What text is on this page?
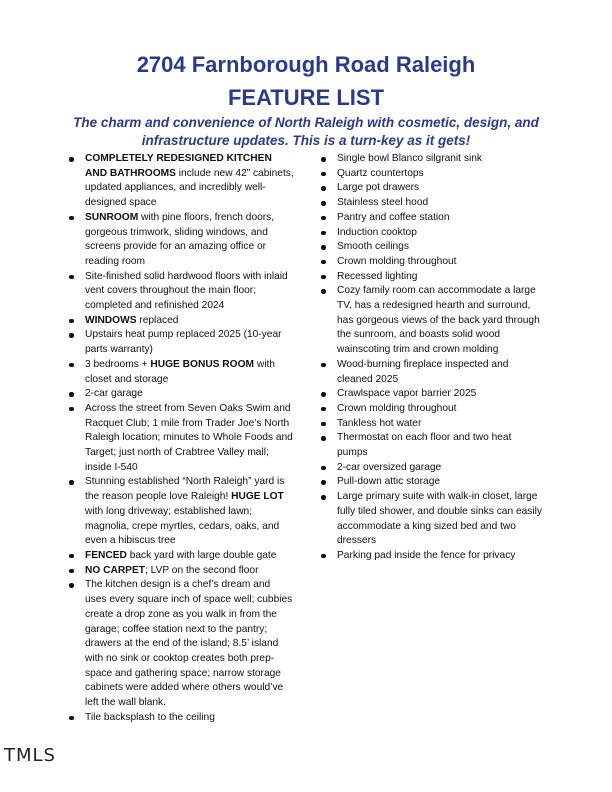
2704 Farnborough Road Raleigh
FEATURE LIST

The charm and convenience of North Raleigh with cosmetic, design, and infrastructure updates. This is a turn-key as it gets!

COMPLETELY REDESIGNED KITCHEN AND BATHROOMS include new 42” cabinets, updated appliances, and incredibly well-designed space
SUNROOM with pine floors, french doors, gorgeous trimwork, sliding windows, and screens provide for an amazing office or reading room
Site-finished solid hardwood floors with inlaid vent covers throughout the main floor; completed and refinished 2024
WINDOWS replaced
Upstairs heat pump replaced 2025 (10-year parts warranty)
3 bedrooms + HUGE BONUS ROOM with closet and storage
2-car garage
Across the street from Seven Oaks Swim and Racquet Club; 1 mile from Trader Joe’s North Raleigh location; minutes to Whole Foods and Target; just north of Crabtree Valley mall; inside I-540
Stunning established “North Raleigh” yard is the reason people love Raleigh! HUGE LOT with long driveway; established lawn; magnolia, crepe myrtles, cedars, oaks, and even a hibiscus tree
FENCED back yard with large double gate
NO CARPET; LVP on the second floor
The kitchen design is a chef’s dream and uses every square inch of space well; cubbies create a drop zone as you walk in from the garage; coffee station next to the pantry; drawers at the end of the island; 8.5’ island with no sink or cooktop creates both prep-space and gathering space; narrow storage cabinets were added where others would’ve left the wall blank.
Tile backsplash to the ceiling
Single bowl Blanco silgranit sink
Quartz countertops
Large pot drawers
Stainless steel hood
Pantry and coffee station
Induction cooktop
Smooth ceilings
Crown molding throughout
Recessed lighting
Cozy family room can accommodate a large TV, has a redesigned hearth and surround, has gorgeous views of the back yard through the sunroom, and boasts solid wood wainscoting trim and crown molding
Wood-burning fireplace inspected and cleaned 2025
Crawlspace vapor barrier 2025
Crown molding throughout
Tankless hot water
Thermostat on each floor and two heat pumps
2-car oversized garage
Pull-down attic storage
Large primary suite with walk-in closet, large fully tiled shower, and double sinks can easily accommodate a king sized bed and two dressers
Parking pad inside the fence for privacy
TMLS
